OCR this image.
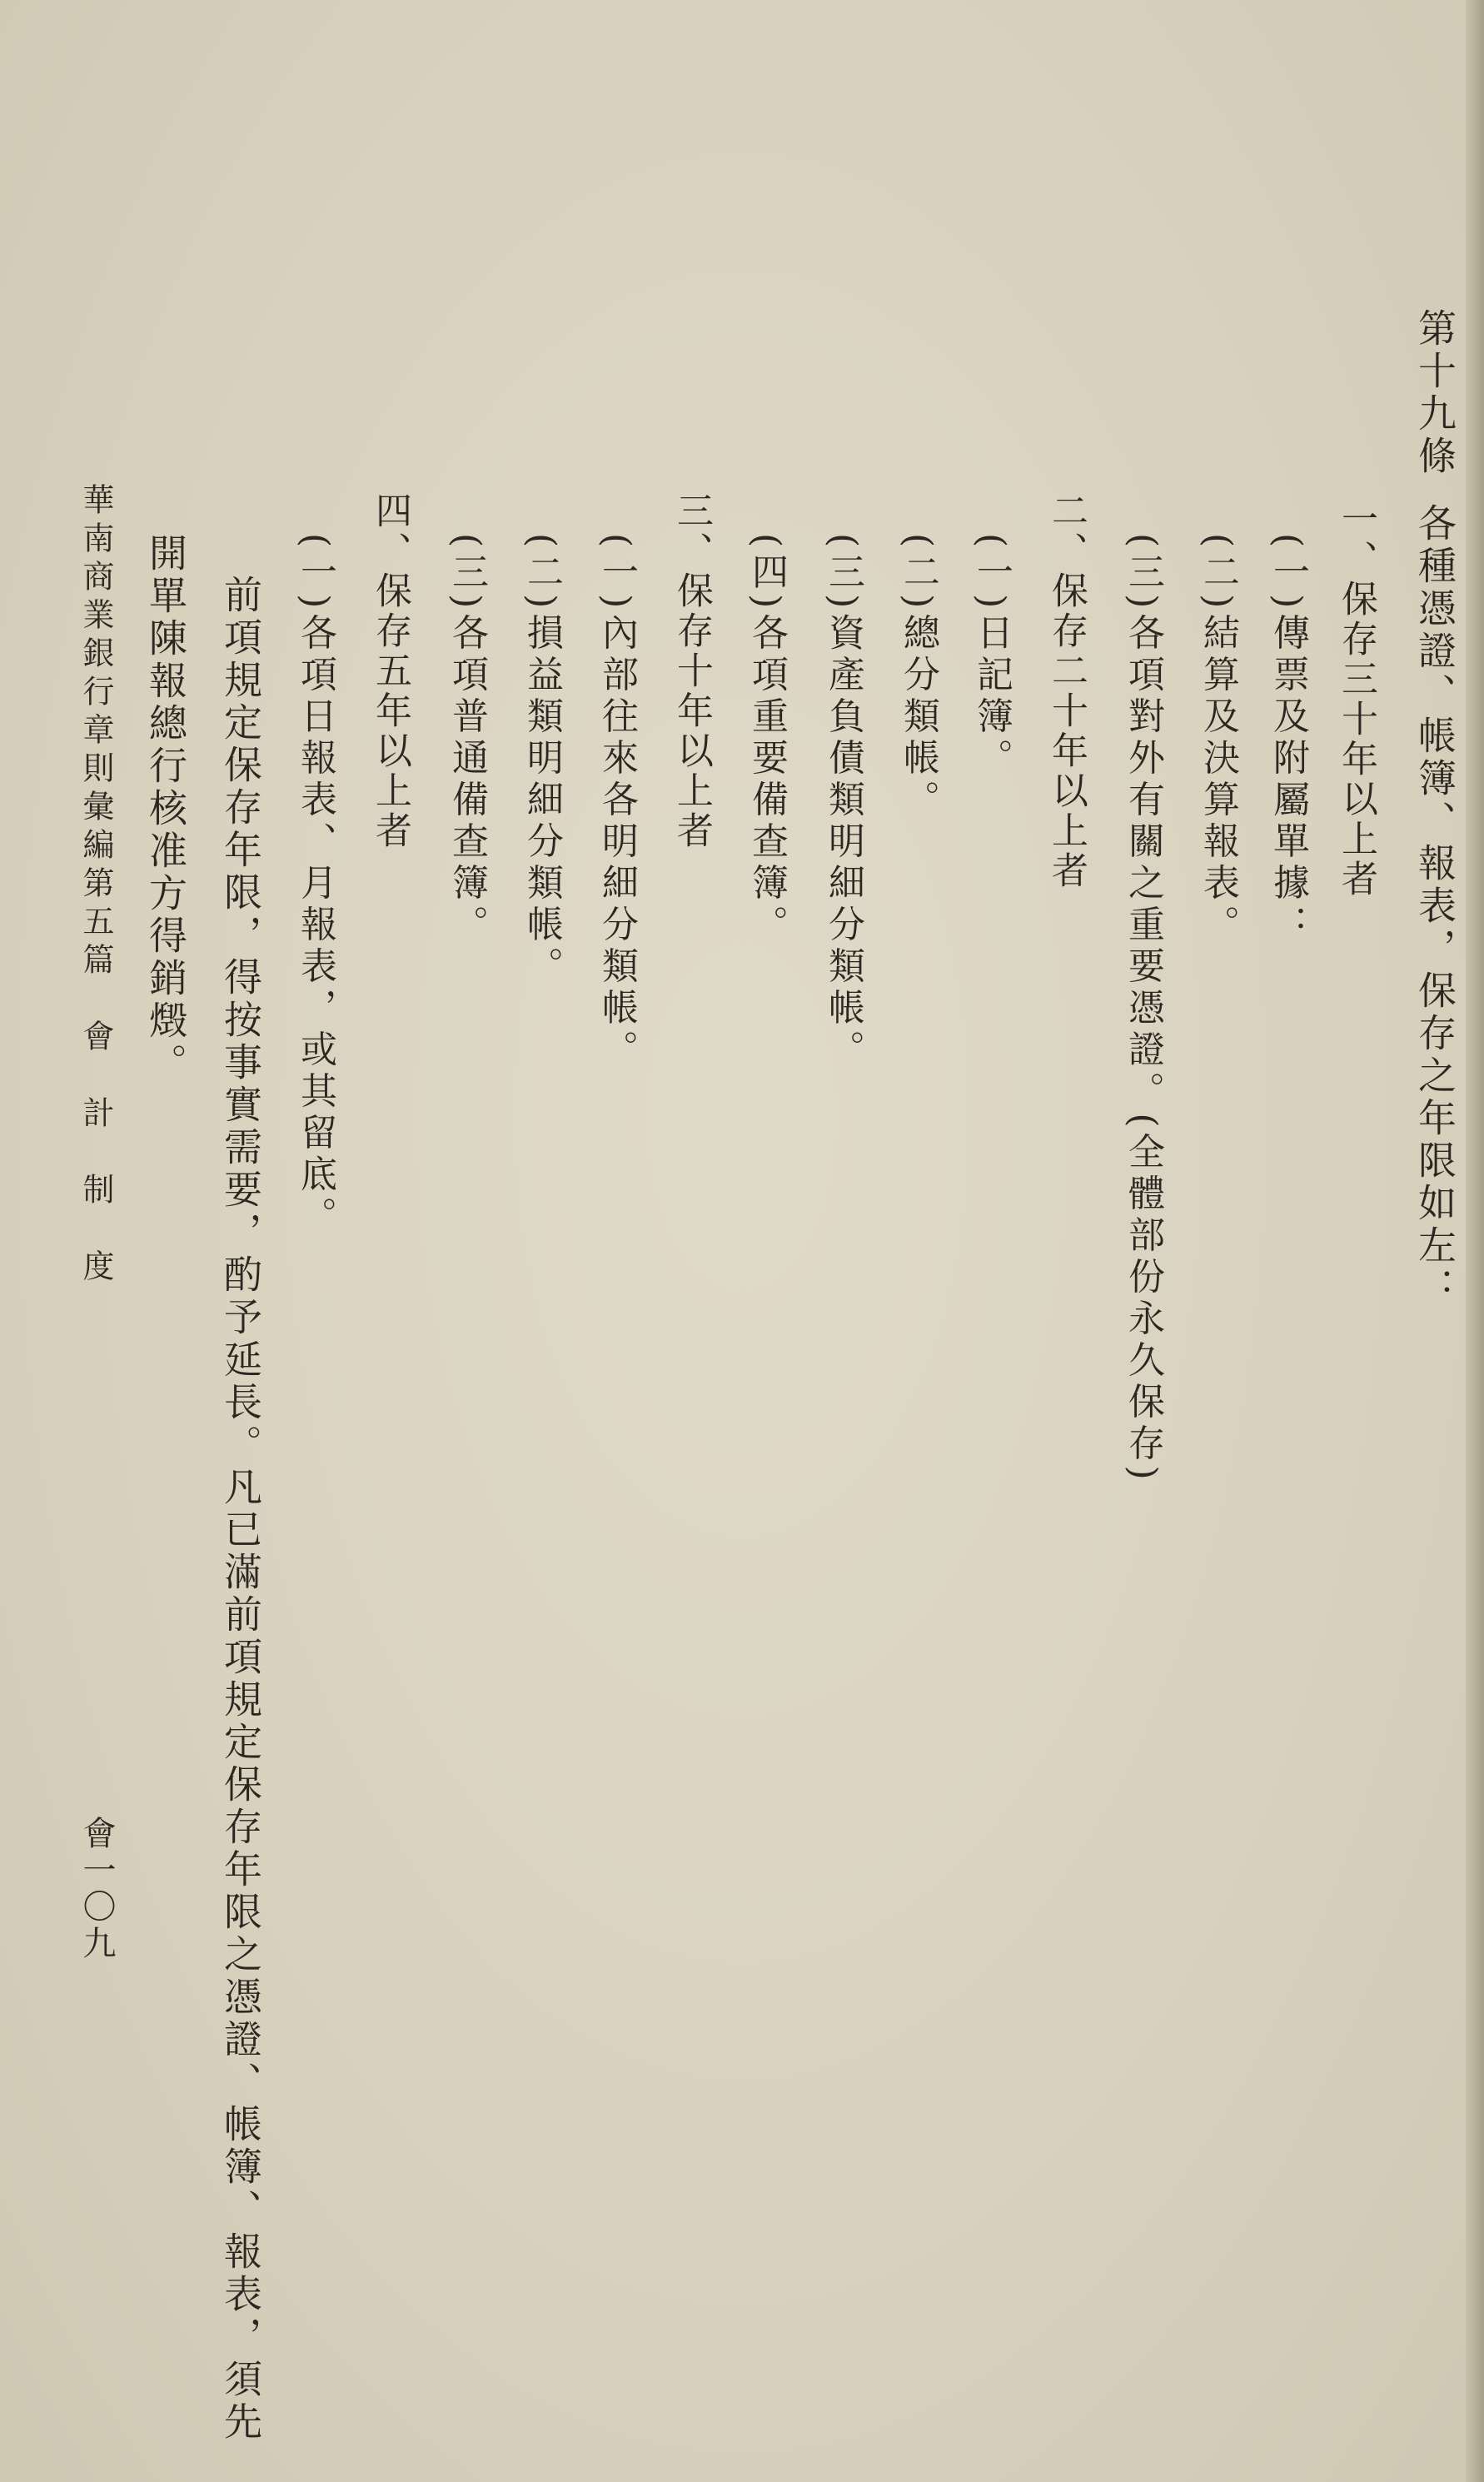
第十九條各種憑證、帳簿、報表，保存之年限如左：
一、保存三十年以上者
(一)傳票及附屬單據：
(二)結算及決算報表。
(三)各項對外有關之重要憑證。(全體部份永久保存)
二、保存二十年以上者
(一)日記簿。
(二)總分類帳。
(三)資產負債類明細分類帳。
(四)各項重要備查簿。
三、保存十年以上者
(一)內部往來各明細分類帳。
(二)損益類明細分類帳。
(三)各項普通備查簿。
四、保存五年以上者
(一)各項日報表、月報表，或其留底。
前項規定保存年限，得按事實需要，酌予延長。凡已滿前項規定保存年限之憑證、帳簿、報表，須先
開單陳報總行核准方得銷燬。
華南商業銀行章則彙編
第五篇　會　計　制　度
會一〇九
